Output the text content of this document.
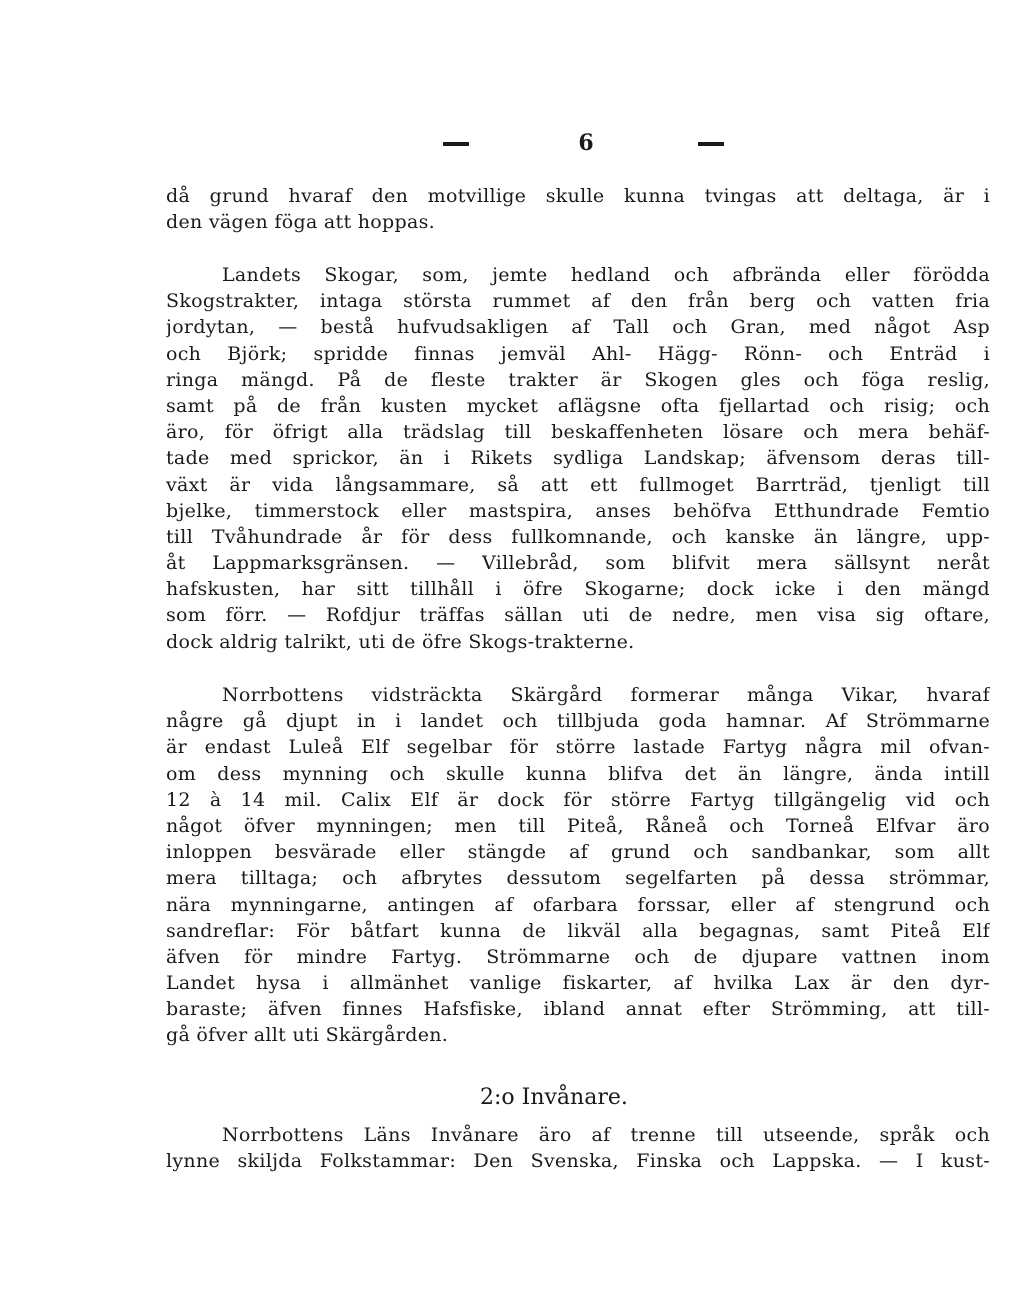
6
då grund hvaraf den motvillige skulle kunna tvingas att deltaga, är i
den vägen föga att hoppas.
Landets Skogar, som, jemte hedland och afbrända eller förödda
Skogstrakter, intaga största rummet af den från berg och vatten fria
jordytan, — bestå hufvudsakligen af Tall och Gran, med något Asp
och Björk; spridde finnas jemväl Ahl- Hägg- Rönn- och Enträd i
ringa mängd. På de fleste trakter är Skogen gles och föga reslig,
samt på de från kusten mycket aflägsne ofta fjellartad och risig; och
äro, för öfrigt alla trädslag till beskaffenheten lösare och mera behäf-
tade med sprickor, än i Rikets sydliga Landskap; äfvensom deras till-
växt är vida långsammare, så att ett fullmoget Barrträd, tjenligt till
bjelke, timmerstock eller mastspira, anses behöfva Etthundrade Femtio
till Tvåhundrade år för dess fullkomnande, och kanske än längre, upp-
åt Lappmarksgränsen. — Villebråd, som blifvit mera sällsynt neråt
hafskusten, har sitt tillhåll i öfre Skogarne; dock icke i den mängd
som förr. — Rofdjur träffas sällan uti de nedre, men visa sig oftare,
dock aldrig talrikt, uti de öfre Skogs-trakterne.
Norrbottens vidsträckta Skärgård formerar många Vikar, hvaraf
någre gå djupt in i landet och tillbjuda goda hamnar. Af Strömmarne
är endast Luleå Elf segelbar för större lastade Fartyg några mil ofvan-
om dess mynning och skulle kunna blifva det än längre, ända intill
12 à 14 mil. Calix Elf är dock för större Fartyg tillgängelig vid och
något öfver mynningen; men till Piteå, Råneå och Torneå Elfvar äro
inloppen besvärade eller stängde af grund och sandbankar, som allt
mera tilltaga; och afbrytes dessutom segelfarten på dessa strömmar,
nära mynningarne, antingen af ofarbara forssar, eller af stengrund och
sandreflar: För båtfart kunna de likväl alla begagnas, samt Piteå Elf
äfven för mindre Fartyg. Strömmarne och de djupare vattnen inom
Landet hysa i allmänhet vanlige fiskarter, af hvilka Lax är den dyr-
baraste; äfven finnes Hafsfiske, ibland annat efter Strömming, att till-
gå öfver allt uti Skärgården.
2:o Invånare.
Norrbottens Läns Invånare äro af trenne till utseende, språk och
lynne skiljda Folkstammar: Den Svenska, Finska och Lappska. — I kust-
